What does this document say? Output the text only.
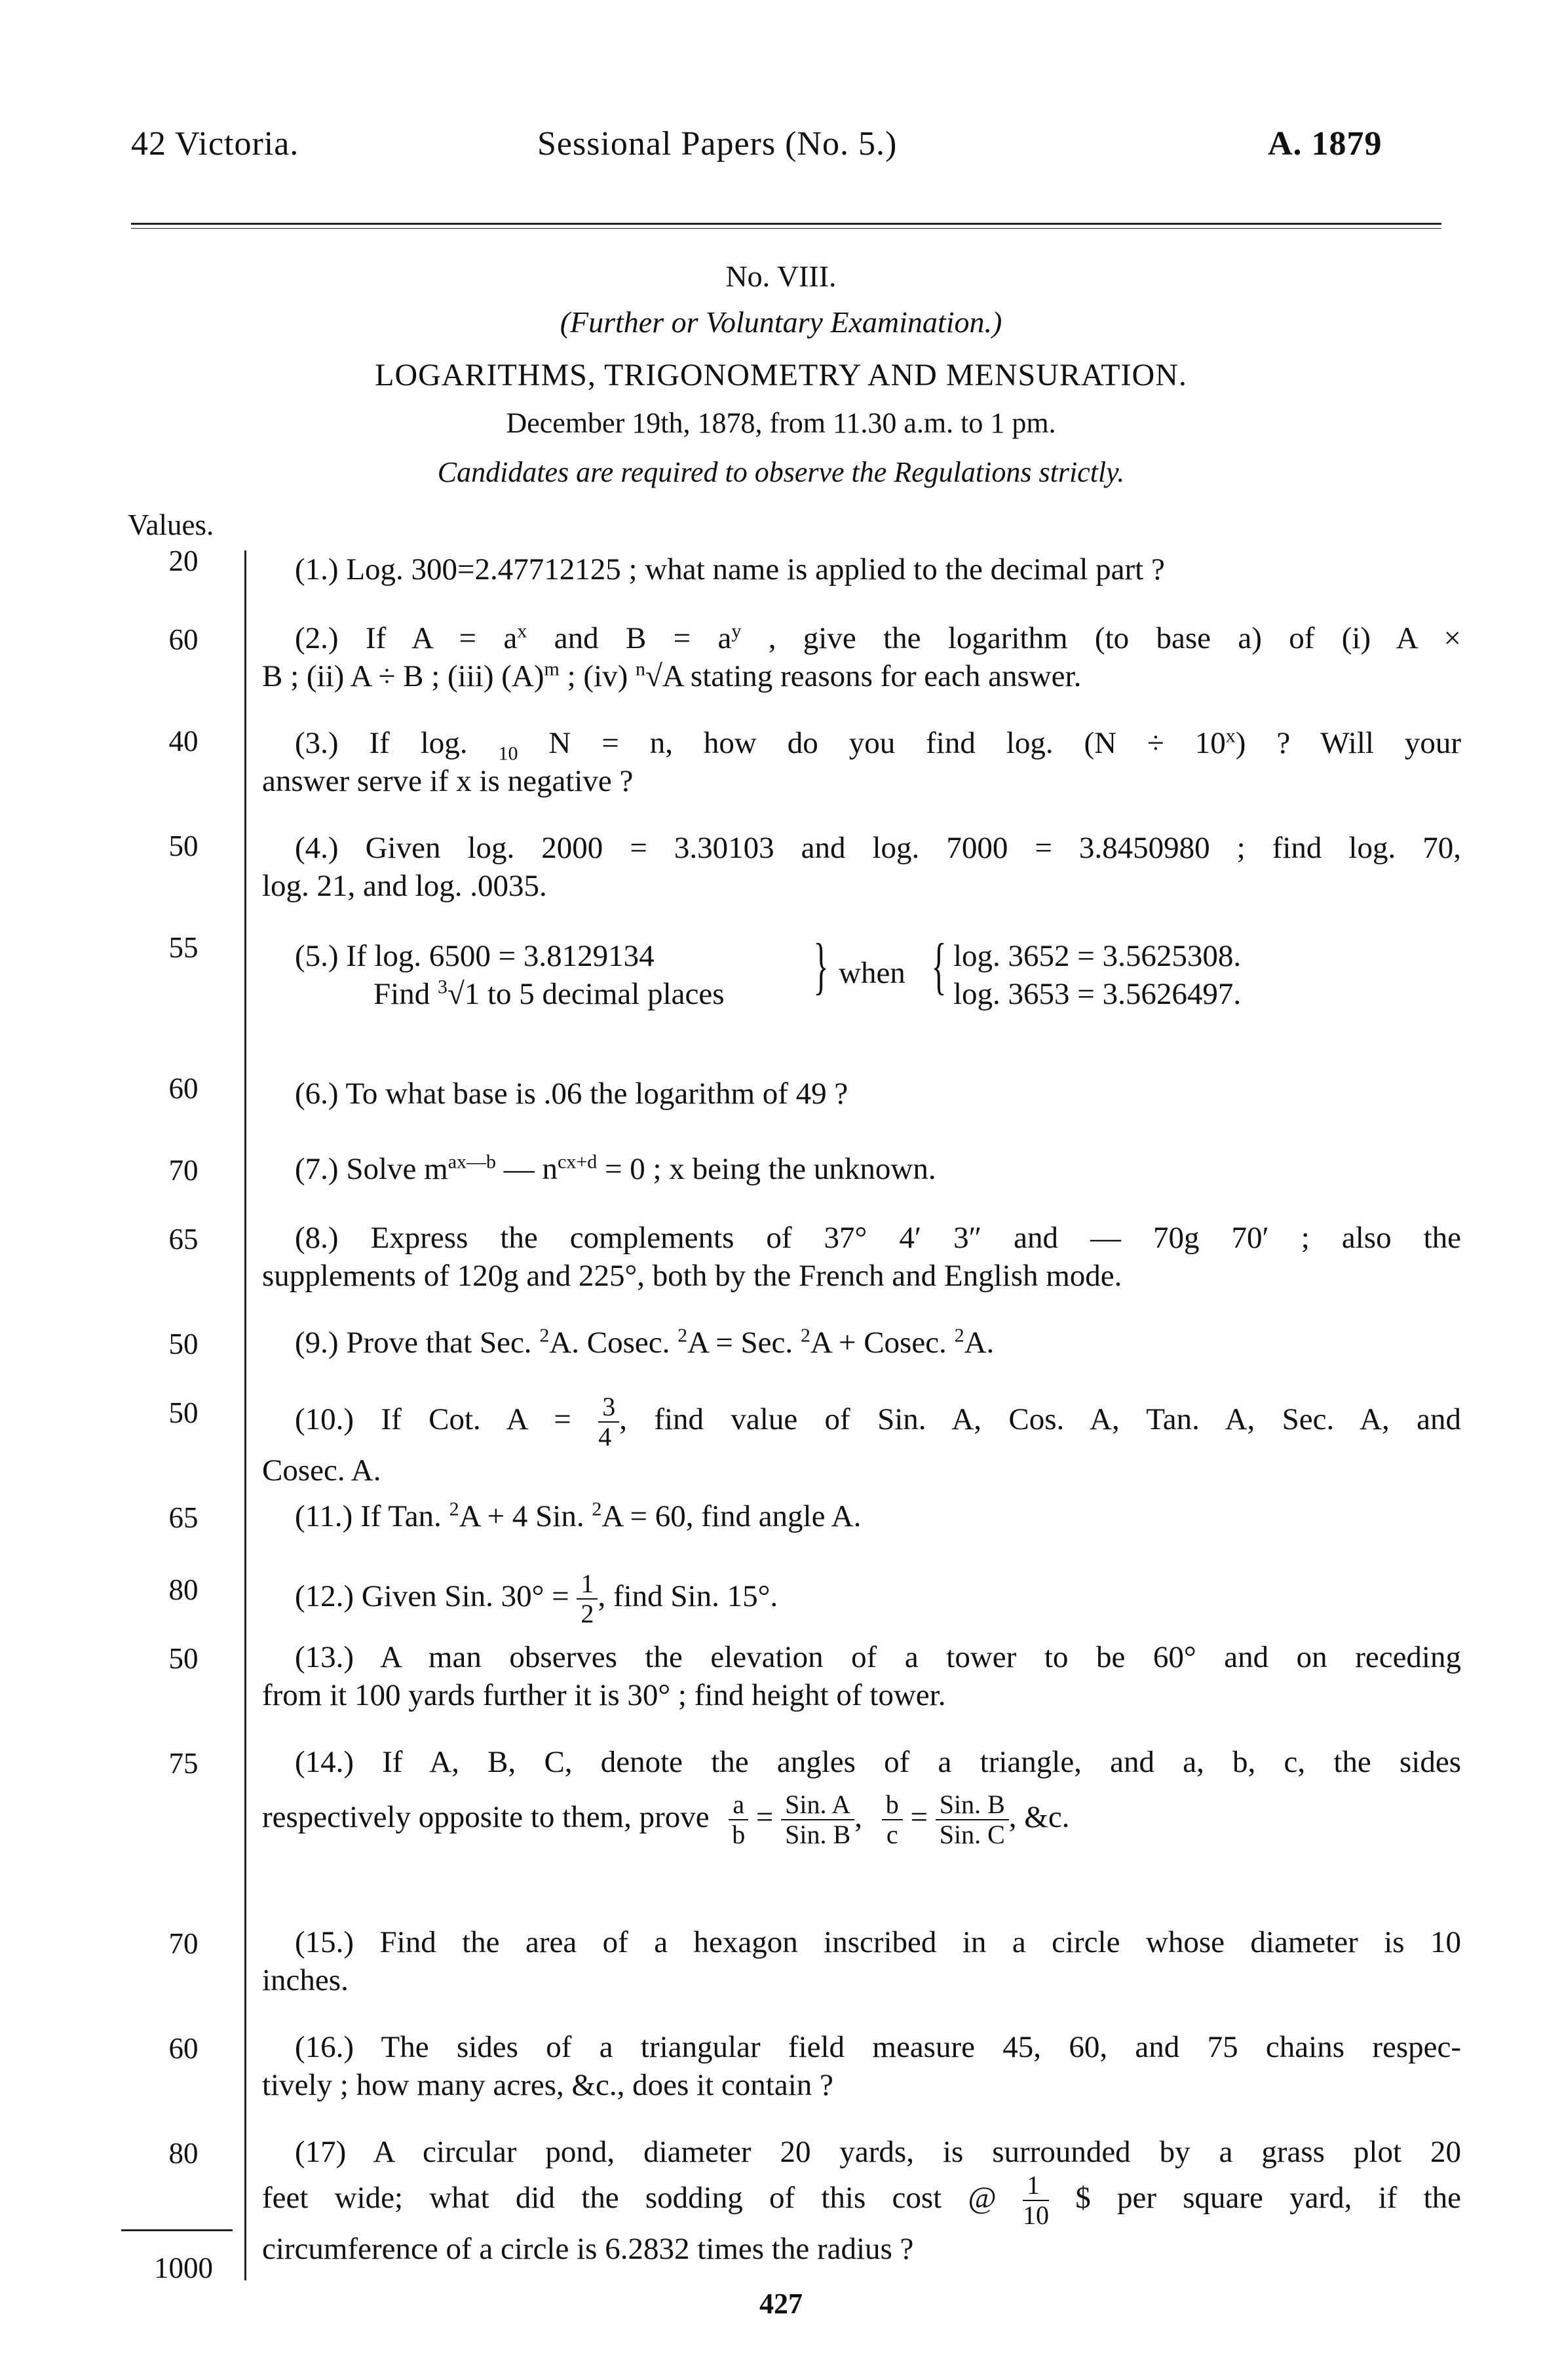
42 Victoria.	Sessional Papers (No. 5.)	A. 1879
No. VIII.
(Further or Voluntary Examination.)
LOGARITHMS, TRIGONOMETRY AND MENSURATION.
December 19th, 1878, from 11.30 a.m. to 1 pm.
Candidates are required to observe the Regulations strictly.
Values.
20
60
40
50
55
60
70
65
50
50
65
80
50
75
70
60
80
1000
(1.) Log. 300=2.47712125 ; what name is applied to the decimal part ?
(2.) If $A = a^x$ and $B = a^y$ , give the logarithm (to base a) of (i) A ×
B ; (ii) A ÷ B ; (iii) $(A)^m$ ; (iv) $^n$√A stating reasons for each answer.
(3.) If log. $_{10}$ N = n, how do you find log. $(N \div 10^x)$ ? Will your
answer serve if x is negative ?
(4.) Given log. 2000 = 3.30103 and log. 7000 = 3.8450980 ; find log. 70,
log. 21, and log. .0035.
(5.) If log. 6500 = 3.8129134
Find $^3$√1 to 5 decimal places } when { log. 3652 = 3.5625308.
log. 3653 = 3.5626497.
(6.) To what base is .06 the logarithm of 49 ?
(7.) Solve $m^{ax—b}$ — $n^{cx+d} = 0$ ; x being the unknown.
(8.) Express the complements of 37° 4′ 3″ and — 70g 70′ ; also the
supplements of 120g and 225°, both by the French and English mode.
(9.) Prove that Sec. $^2$A. Cosec. $^2$A = Sec. $^2$A + Cosec. $^2$A.
(10.) If Cot. $A = \frac{3}{4}$ , find value of Sin. A, Cos. A, Tan. A, Sec. A, and
Cosec. A.
(11.) If Tan. $^2$A + 4 Sin. $^2$A = 60, find angle A.
(12.) Given Sin. $30^\circ = \frac{1}{2}$ , find Sin. 15°.
(13.) A man observes the elevation of a tower to be 60° and on receding
from it 100 yards further it is 30° ; find height of tower.
(14.) If A, B, C, denote the angles of a triangle, and a, b, c, the sides
respectively opposite to them, prove $\frac{a}{b} = \frac{\text{Sin. A}}{\text{Sin. B}}$ , $\frac{b}{c} = \frac{\text{Sin. B}}{\text{Sin. C}}$ , &c.
(15.) Find the area of a hexagon inscribed in a circle whose diameter is 10
inches.
(16.) The sides of a triangular field measure 45, 60, and 75 chains respec-
tively ; how many acres, &c., does it contain ?
(17) A circular pond, diameter 20 yards, is surrounded by a grass plot 20
feet wide; what did the sodding of this cost @ $\frac{1}{10}$ $ per square yard, if the
circumference of a circle is 6.2832 times the radius ?
427
